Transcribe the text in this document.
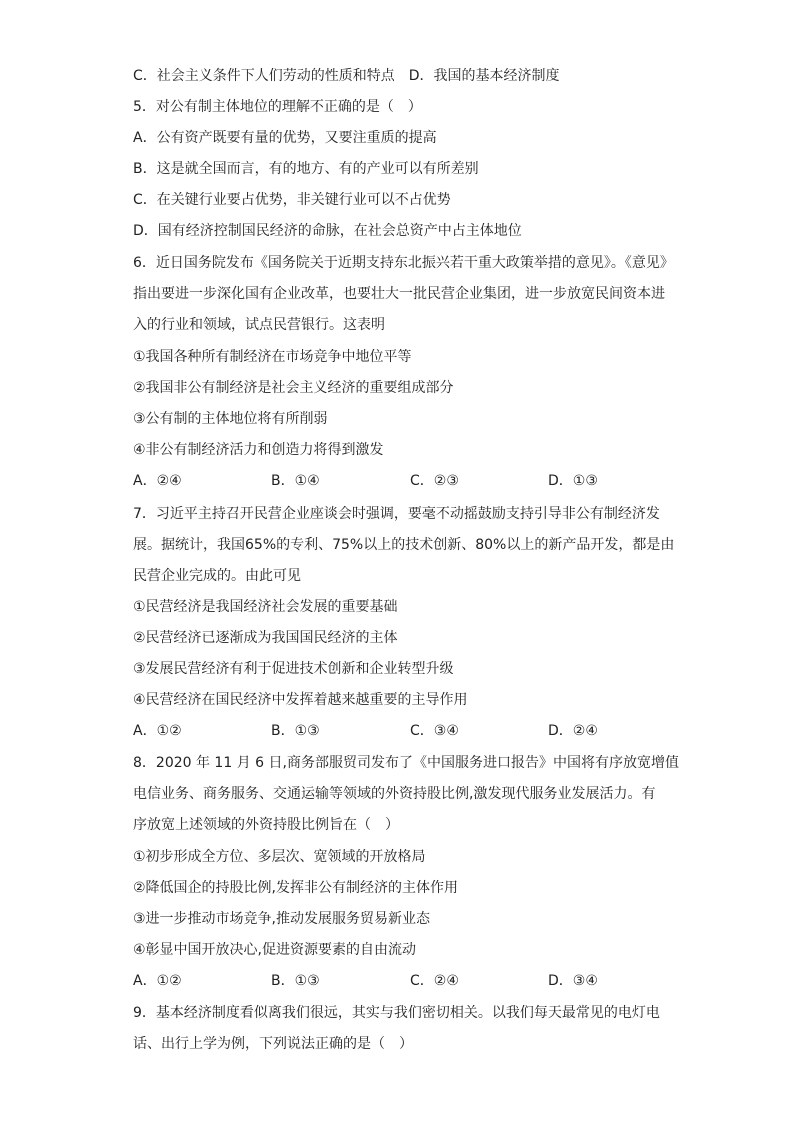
C．社会主义条件下人们劳动的性质和特点　D．我国的基本经济制度
5．对公有制主体地位的理解不正确的是（　）
A．公有资产既要有量的优势，又要注重质的提高
B．这是就全国而言，有的地方、有的产业可以有所差别
C．在关键行业要占优势，非关键行业可以不占优势
D．国有经济控制国民经济的命脉，在社会总资产中占主体地位
6．近日国务院发布《国务院关于近期支持东北振兴若干重大政策举措的意见》。《意见》
指出要进一步深化国有企业改革，也要壮大一批民营企业集团，进一步放宽民间资本进
入的行业和领域，试点民营银行。这表明
①我国各种所有制经济在市场竞争中地位平等
②我国非公有制经济是社会主义经济的重要组成部分
③公有制的主体地位将有所削弱
④非公有制经济活力和创造力将得到激发
A．②④	B．①④	C．②③	D．①③
7．习近平主持召开民营企业座谈会时强调，要毫不动摇鼓励支持引导非公有制经济发
展。据统计，我国65%的专利、75%以上的技术创新、80%以上的新产品开发，都是由
民营企业完成的。由此可见
①民营经济是我国经济社会发展的重要基础
②民营经济已逐渐成为我国国民经济的主体
③发展民营经济有利于促进技术创新和企业转型升级
④民营经济在国民经济中发挥着越来越重要的主导作用
A．①②	B．①③	C．③④	D．②④
8．2020 年 11 月 6 日,商务部服贸司发布了《中国服务进口报告》中国将有序放宽增值
电信业务、商务服务、交通运输等领域的外资持股比例,激发现代服务业发展活力。有
序放宽上述领域的外资持股比例旨在（　）
①初步形成全方位、多层次、宽领域的开放格局
②降低国企的持股比例,发挥非公有制经济的主体作用
③进一步推动市场竞争,推动发展服务贸易新业态
④彰显中国开放决心,促进资源要素的自由流动
A．①②	B．①③	C．②④	D．③④
9．基本经济制度看似离我们很远，其实与我们密切相关。以我们每天最常见的电灯电
话、出行上学为例，下列说法正确的是（　）
